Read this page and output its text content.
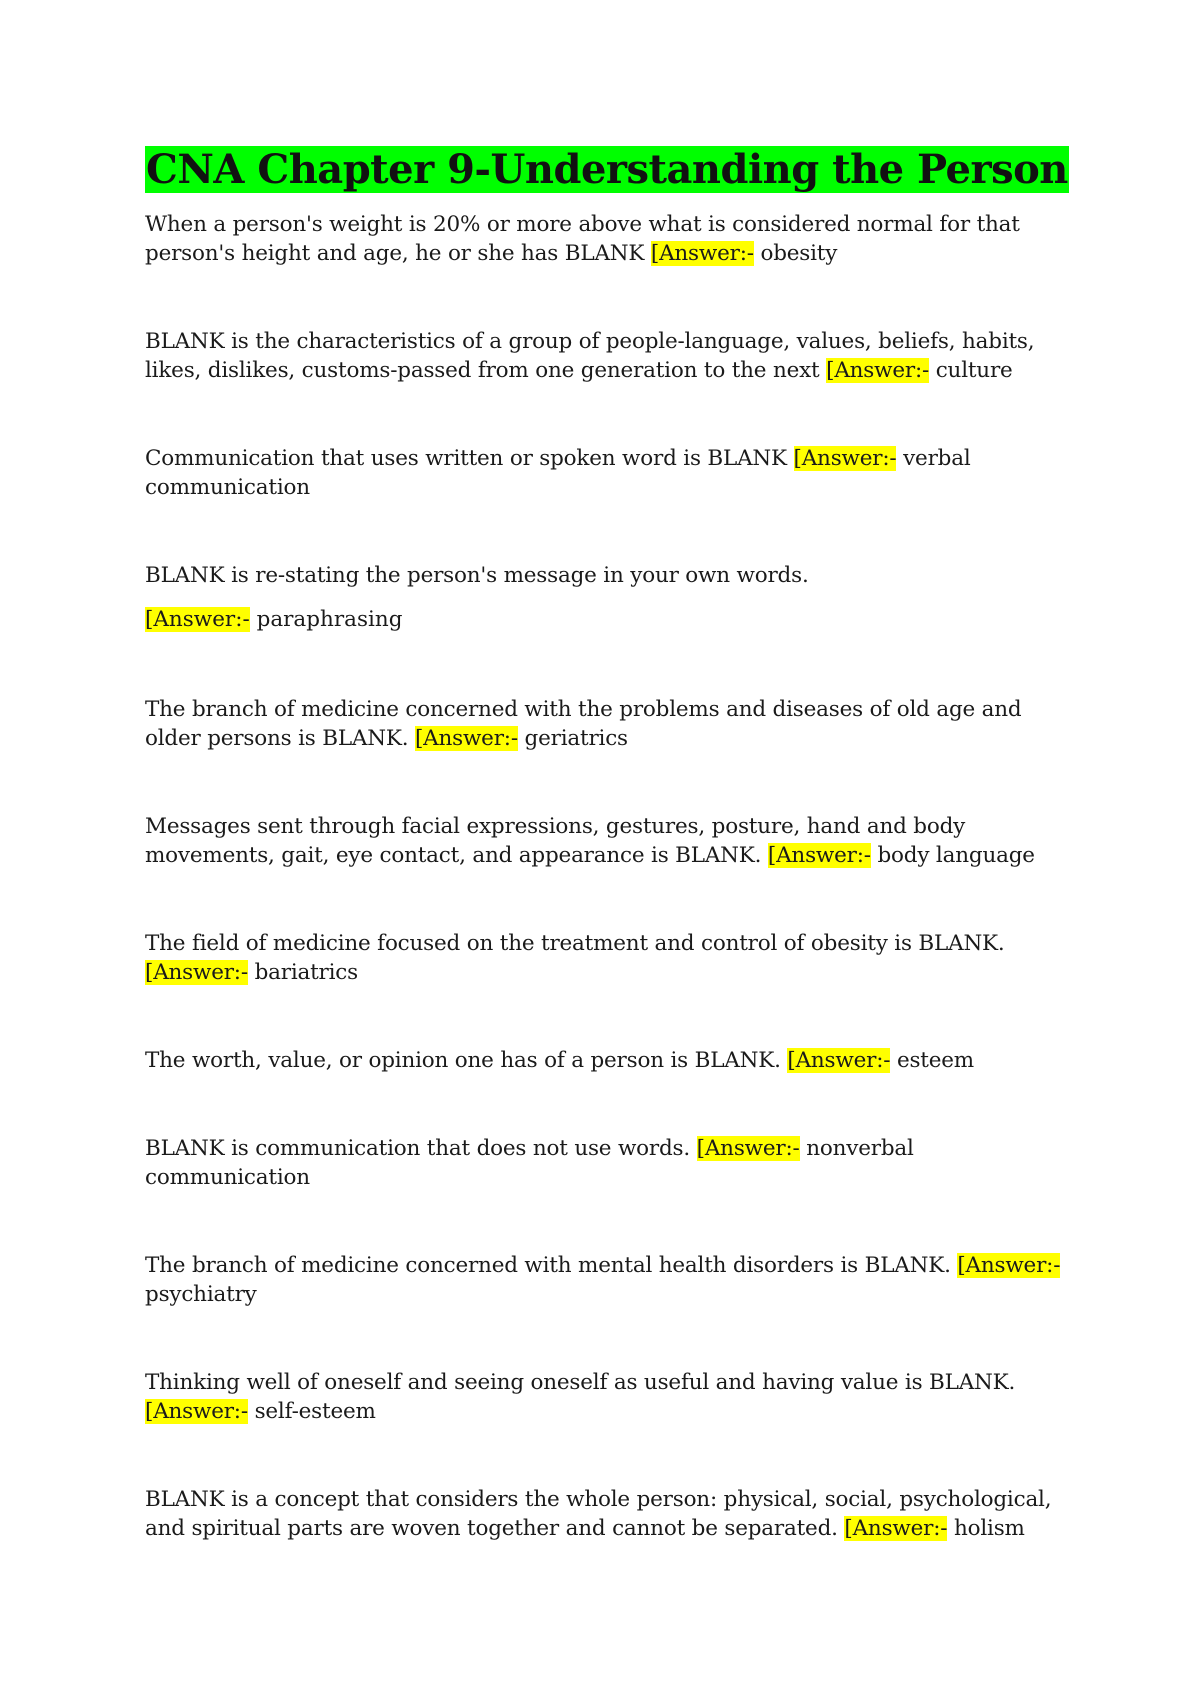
CNA Chapter 9-Understanding the Person

When a person's weight is 20% or more above what is considered normal for that person's height and age, he or she has BLANK [Answer:- obesity

BLANK is the characteristics of a group of people-language, values, beliefs, habits, likes, dislikes, customs-passed from one generation to the next [Answer:- culture

Communication that uses written or spoken word is BLANK [Answer:- verbal communication

BLANK is re-stating the person's message in your own words.

[Answer:- paraphrasing

The branch of medicine concerned with the problems and diseases of old age and older persons is BLANK. [Answer:- geriatrics

Messages sent through facial expressions, gestures, posture, hand and body movements, gait, eye contact, and appearance is BLANK. [Answer:- body language

The field of medicine focused on the treatment and control of obesity is BLANK. [Answer:- bariatrics

The worth, value, or opinion one has of a person is BLANK. [Answer:- esteem

BLANK is communication that does not use words. [Answer:- nonverbal communication

The branch of medicine concerned with mental health disorders is BLANK. [Answer:- psychiatry

Thinking well of oneself and seeing oneself as useful and having value is BLANK. [Answer:- self-esteem

BLANK is a concept that considers the whole person: physical, social, psychological, and spiritual parts are woven together and cannot be separated. [Answer:- holism
